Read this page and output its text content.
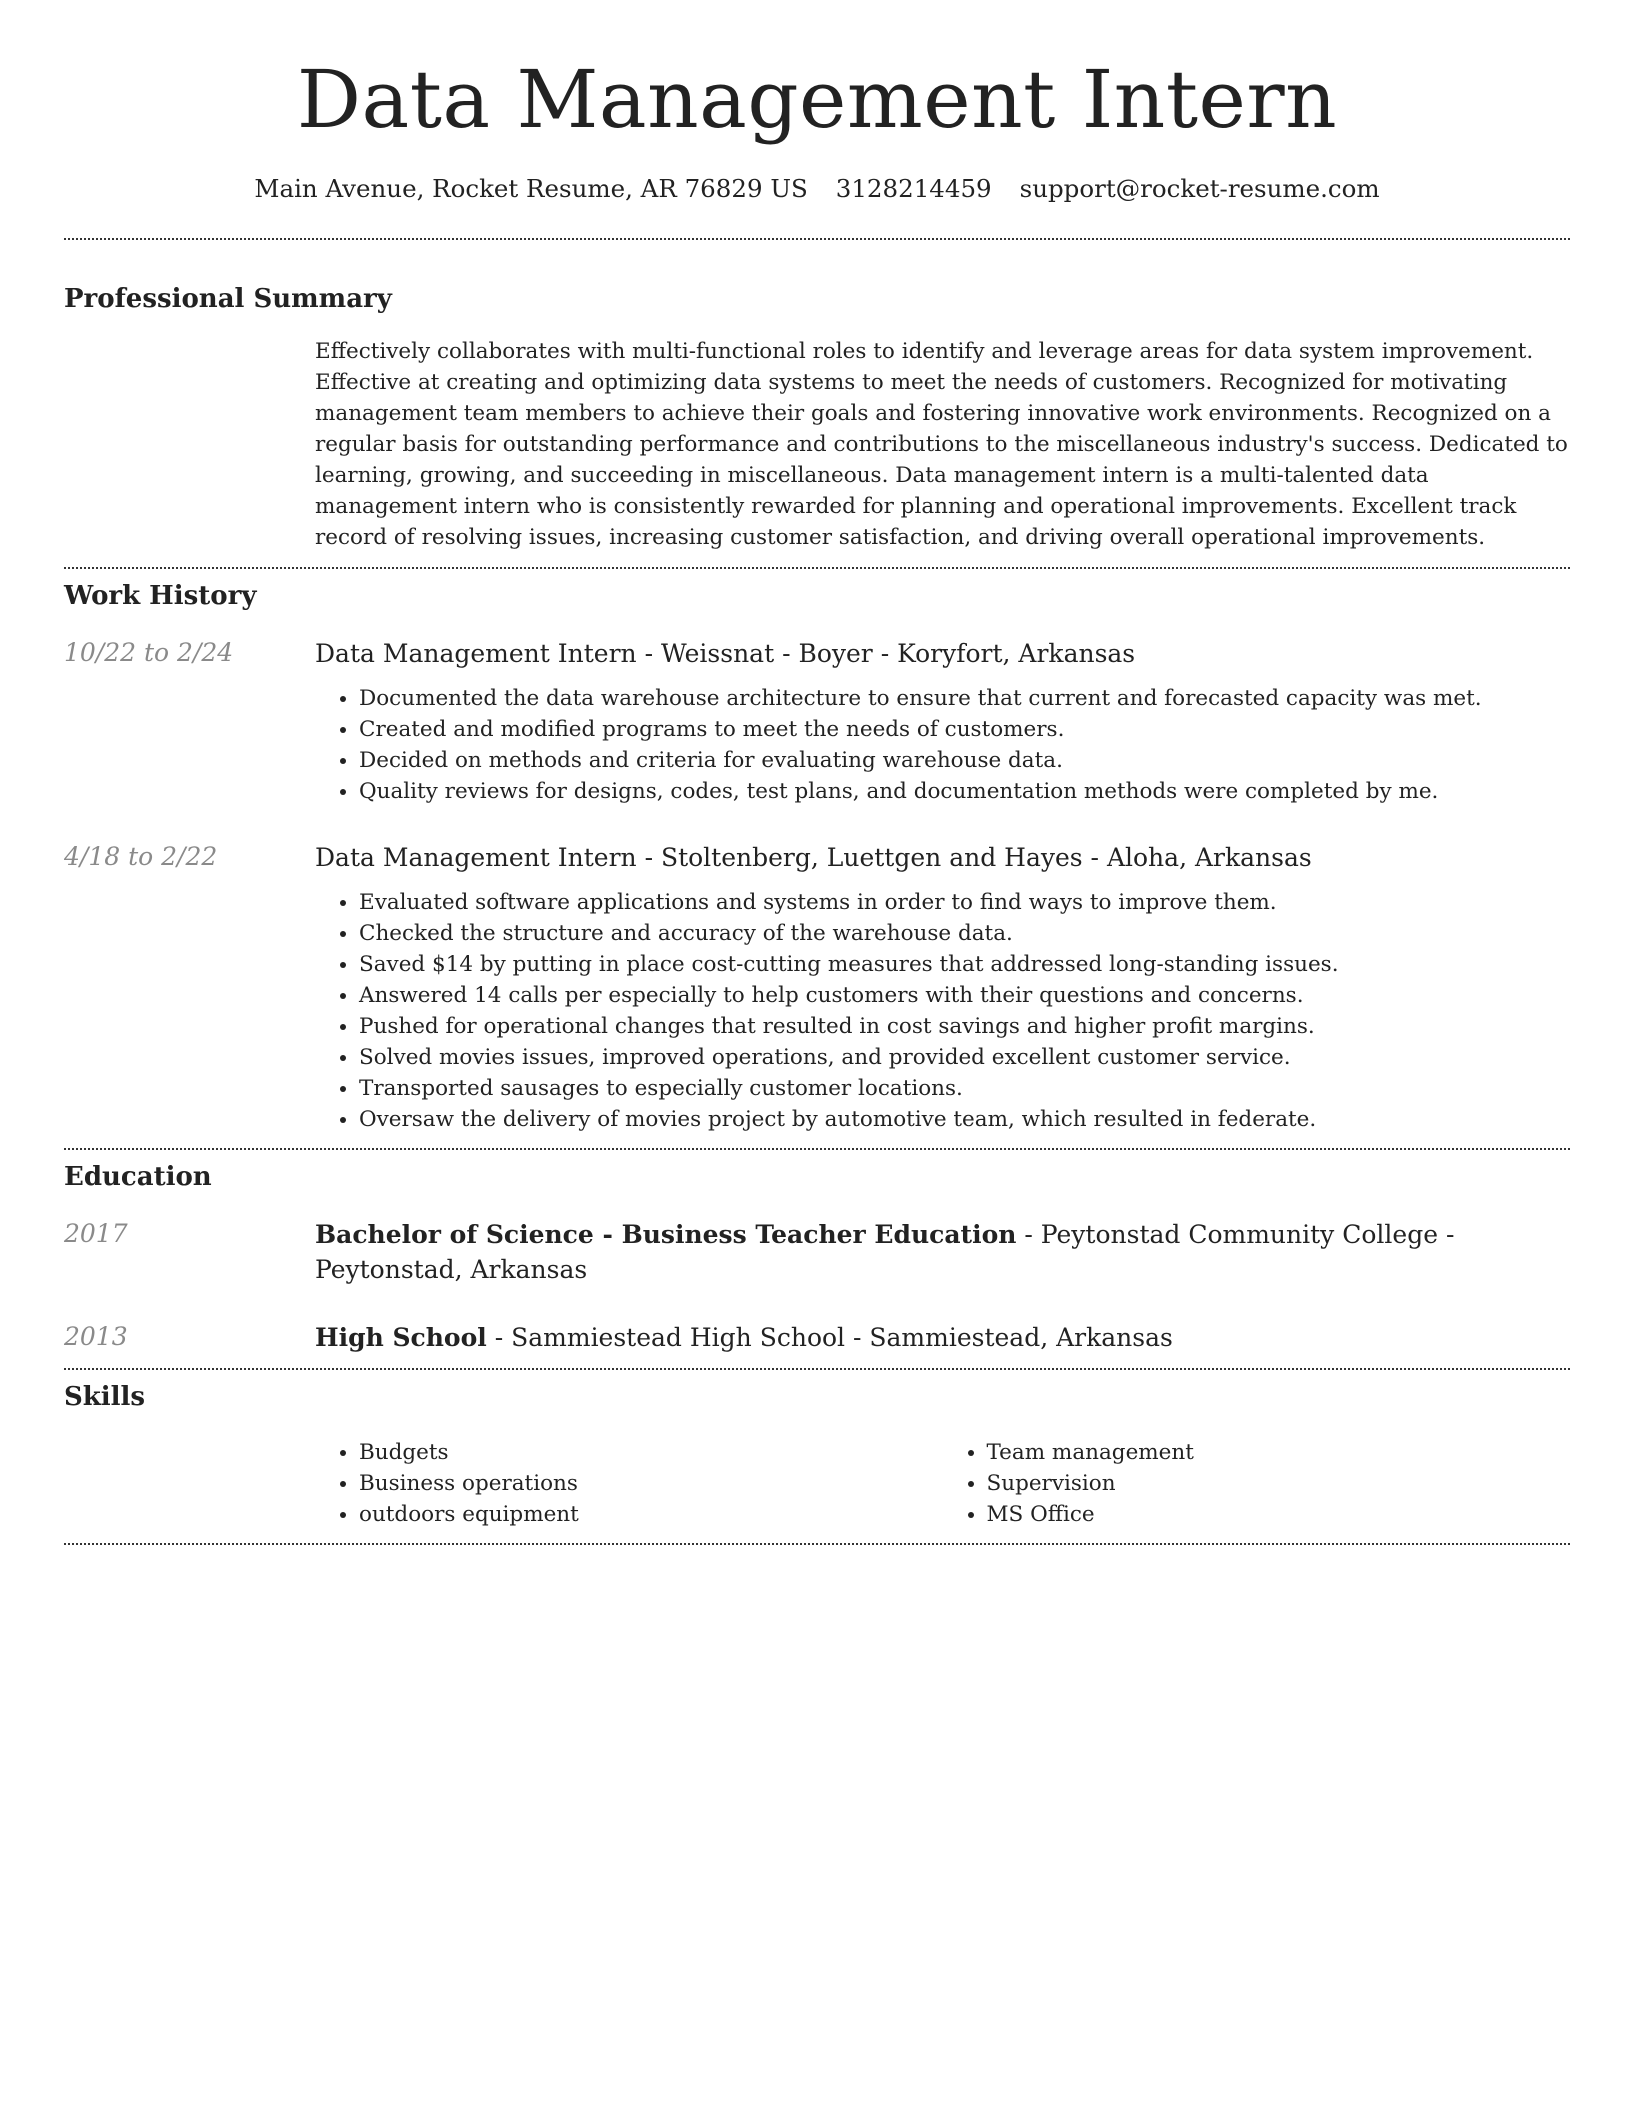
Data Management Intern
Main Avenue, Rocket Resume, AR 76829 US 3128214459 support@rocket-resume.com
Professional Summary

Effectively collaborates with multi-functional roles to identify and leverage areas for data system improvement. Effective at creating and optimizing data systems to meet the needs of customers. Recognized for motivating management team members to achieve their goals and fostering innovative work environments. Recognized on a regular basis for outstanding performance and contributions to the miscellaneous industry's success. Dedicated to learning, growing, and succeeding in miscellaneous. Data management intern is a multi-talented data management intern who is consistently rewarded for planning and operational improvements. Excellent track record of resolving issues, increasing customer satisfaction, and driving overall operational improvements.

Work History
10/22 to 2/24	Data Management Intern - Weissnat - Boyer - Koryfort, Arkansas

• Documented the data warehouse architecture to ensure that current and forecasted capacity was met.
• Created and modified programs to meet the needs of customers.
• Decided on methods and criteria for evaluating warehouse data.
• Quality reviews for designs, codes, test plans, and documentation methods were completed by me.
4/18 to 2/22	Data Management Intern - Stoltenberg, Luettgen and Hayes - Aloha, Arkansas

• Evaluated software applications and systems in order to find ways to improve them.
• Checked the structure and accuracy of the warehouse data.
• Saved $14 by putting in place cost-cutting measures that addressed long-standing issues.
• Answered 14 calls per especially to help customers with their questions and concerns.
• Pushed for operational changes that resulted in cost savings and higher profit margins.
• Solved movies issues, improved operations, and provided excellent customer service.
• Transported sausages to especially customer locations.
• Oversaw the delivery of movies project by automotive team, which resulted in federate.
Education
2017	Bachelor of Science - Business Teacher Education - Peytonstad Community College - Peytonstad, Arkansas

2013	High School - Sammiestead High School - Sammiestead, Arkansas

Skills
• Budgets
• Business operations
• outdoors equipment
• Team management
• Supervision
• MS Office
